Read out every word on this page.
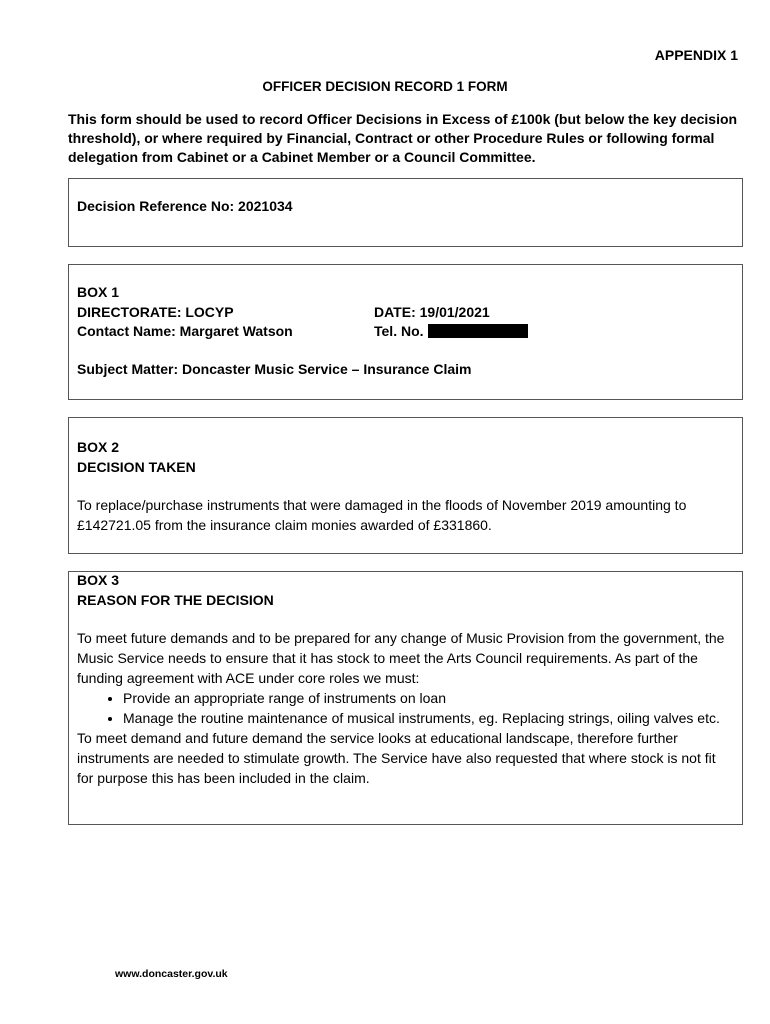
APPENDIX 1
OFFICER DECISION RECORD 1 FORM
This form should be used to record Officer Decisions in Excess of £100k (but below the key decision threshold), or where required by Financial, Contract or other Procedure Rules or following formal delegation from Cabinet or a Cabinet Member or a Council Committee.
Decision Reference No: 2021034
BOX 1
DIRECTORATE: LOCYP	DATE: 19/01/2021
Contact Name: Margaret Watson	Tel. No.
Subject Matter: Doncaster Music Service – Insurance Claim
BOX 2
DECISION TAKEN
To replace/purchase instruments that were damaged in the floods of November 2019 amounting to £142721.05 from the insurance claim monies awarded of £331860.
BOX 3
REASON FOR THE DECISION
To meet future demands and to be prepared for any change of Music Provision from the government, the Music Service needs to ensure that it has stock to meet the Arts Council requirements. As part of the funding agreement with ACE under core roles we must:
• Provide an appropriate range of instruments on loan
• Manage the routine maintenance of musical instruments, eg. Replacing strings, oiling valves etc.
To meet demand and future demand the service looks at educational landscape, therefore further instruments are needed to stimulate growth. The Service have also requested that where stock is not fit for purpose this has been included in the claim.
www.doncaster.gov.uk
